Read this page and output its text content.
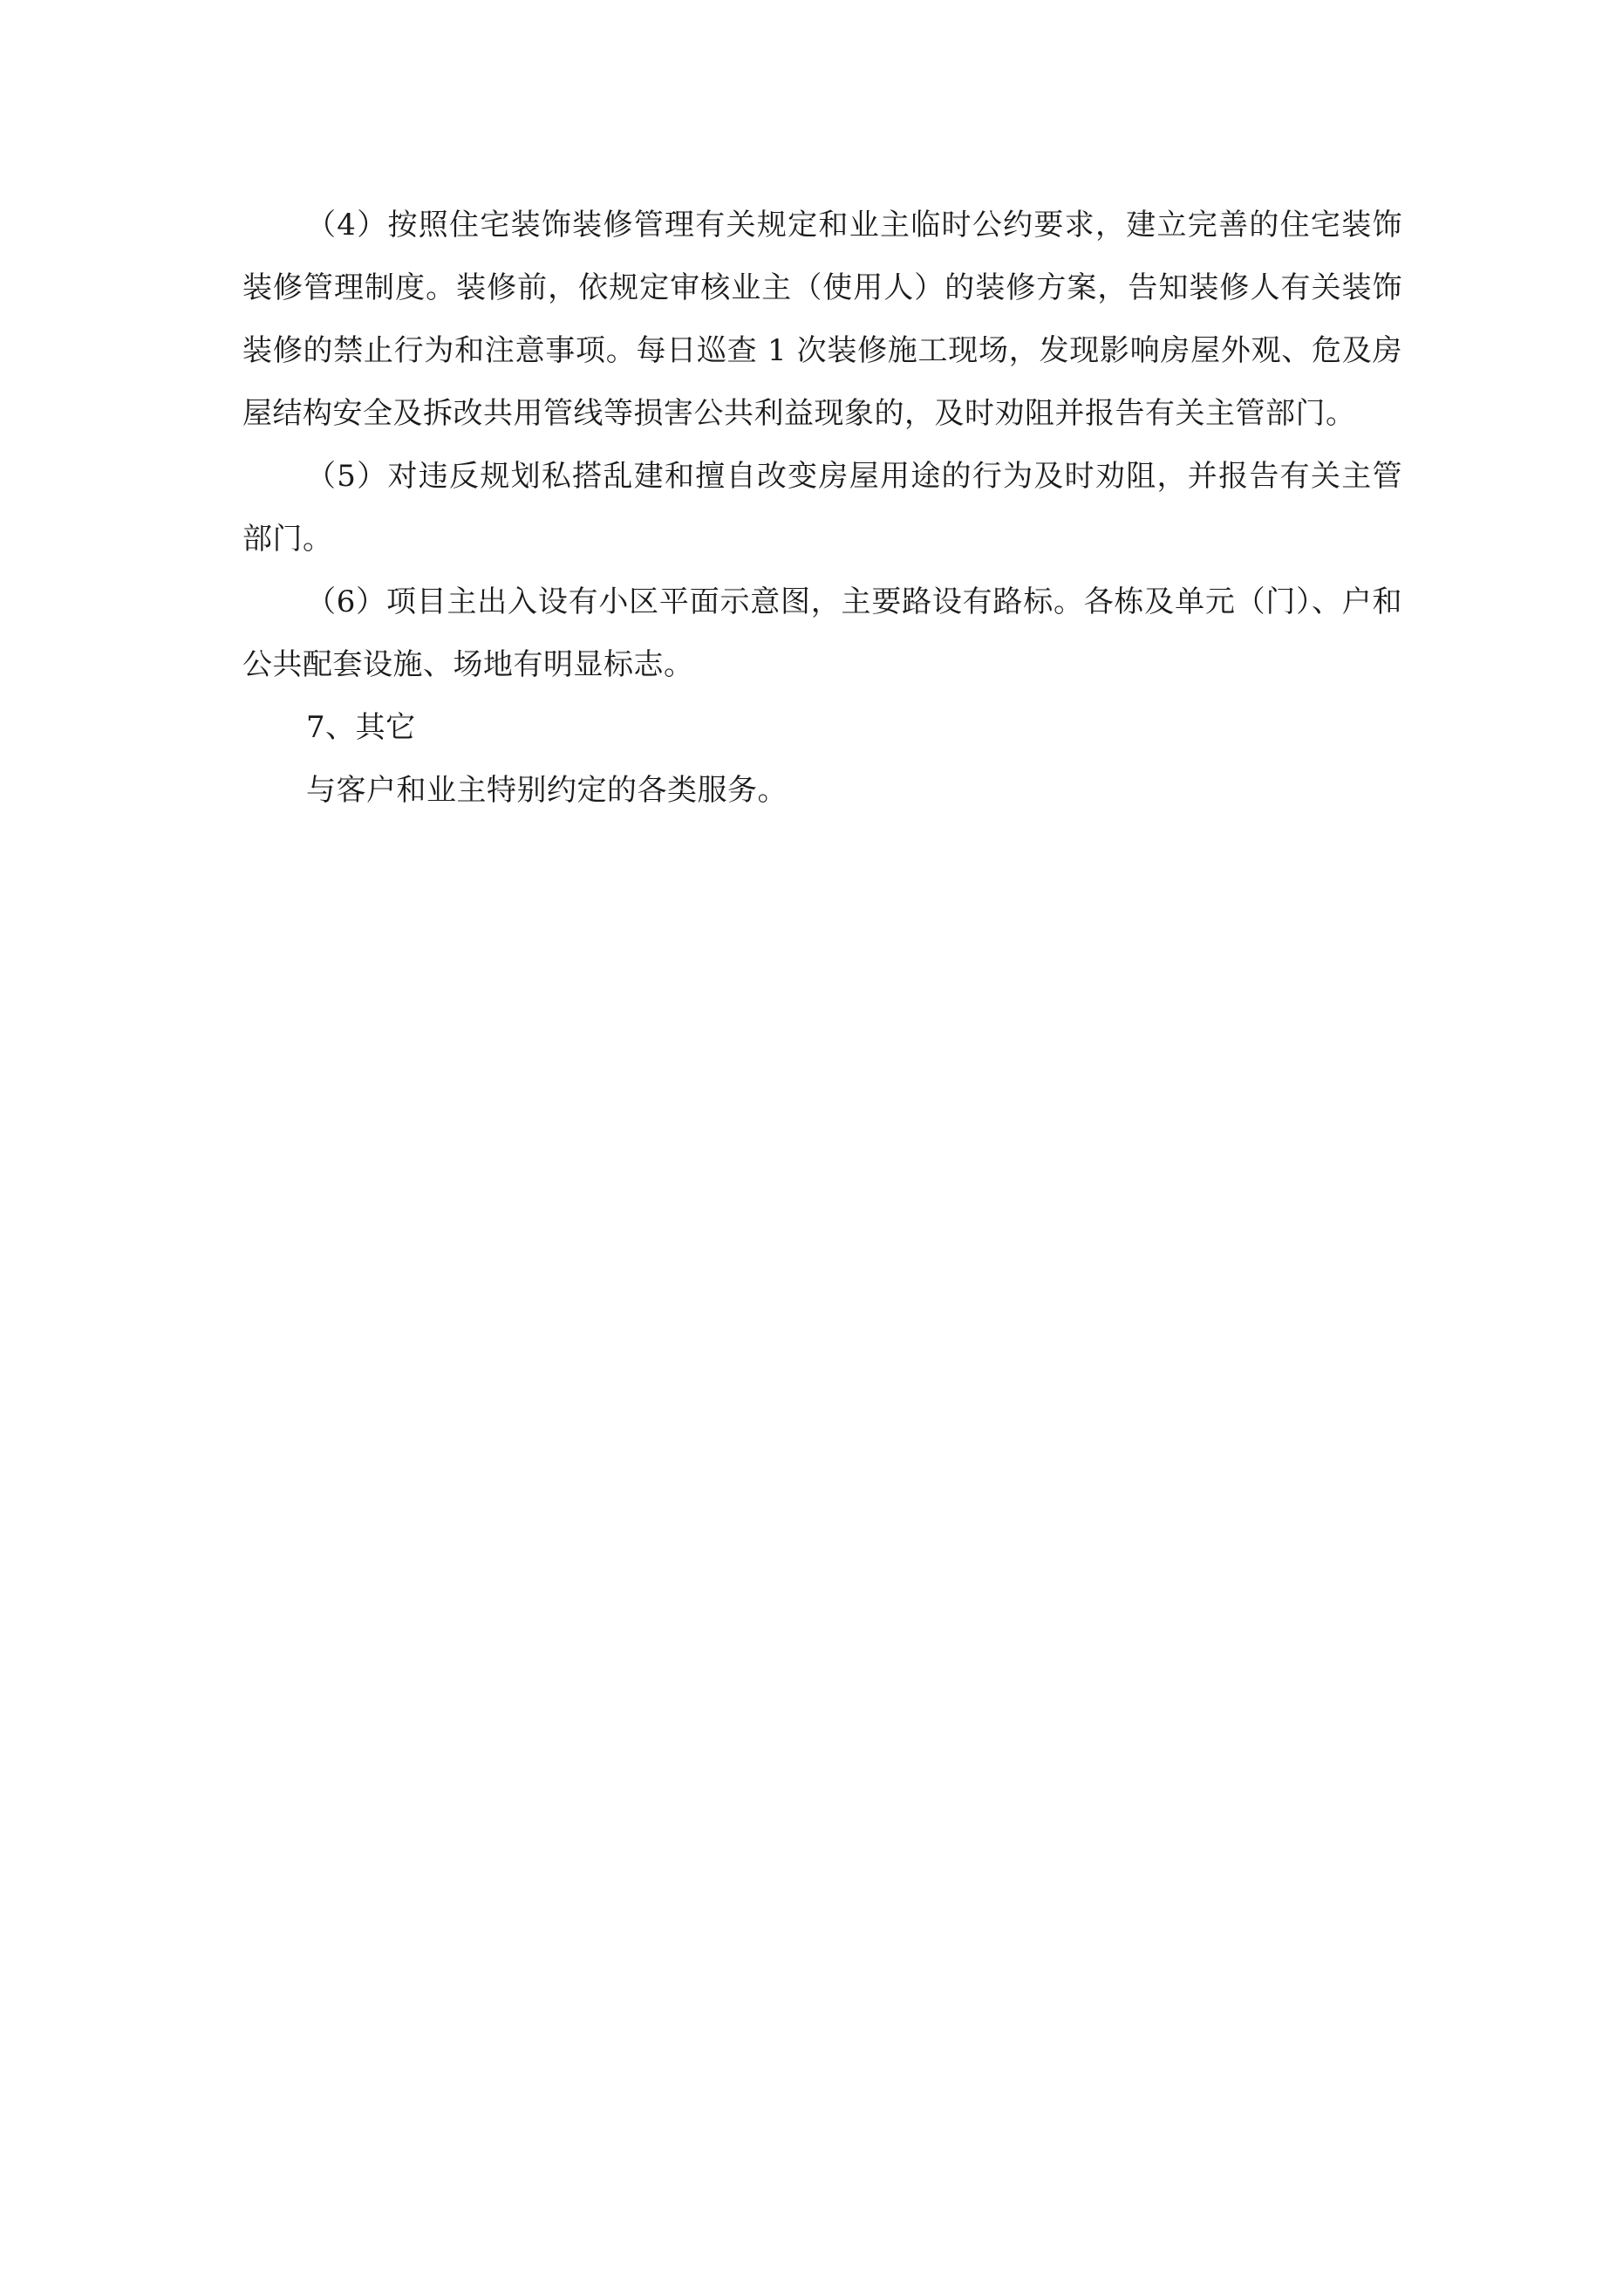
（4）按照住宅装饰装修管理有关规定和业主临时公约要求，建立完善的住宅装饰装修管理制度。装修前，依规定审核业主（使用人）的装修方案，告知装修人有关装饰装修的禁止行为和注意事项。每日巡查 1 次装修施工现场，发现影响房屋外观、危及房屋结构安全及拆改共用管线等损害公共利益现象的，及时劝阻并报告有关主管部门。

（5）对违反规划私搭乱建和擅自改变房屋用途的行为及时劝阻，并报告有关主管部门。

（6）项目主出入设有小区平面示意图，主要路设有路标。各栋及单元（门）、户和公共配套设施、场地有明显标志。

7、其它

与客户和业主特别约定的各类服务。
